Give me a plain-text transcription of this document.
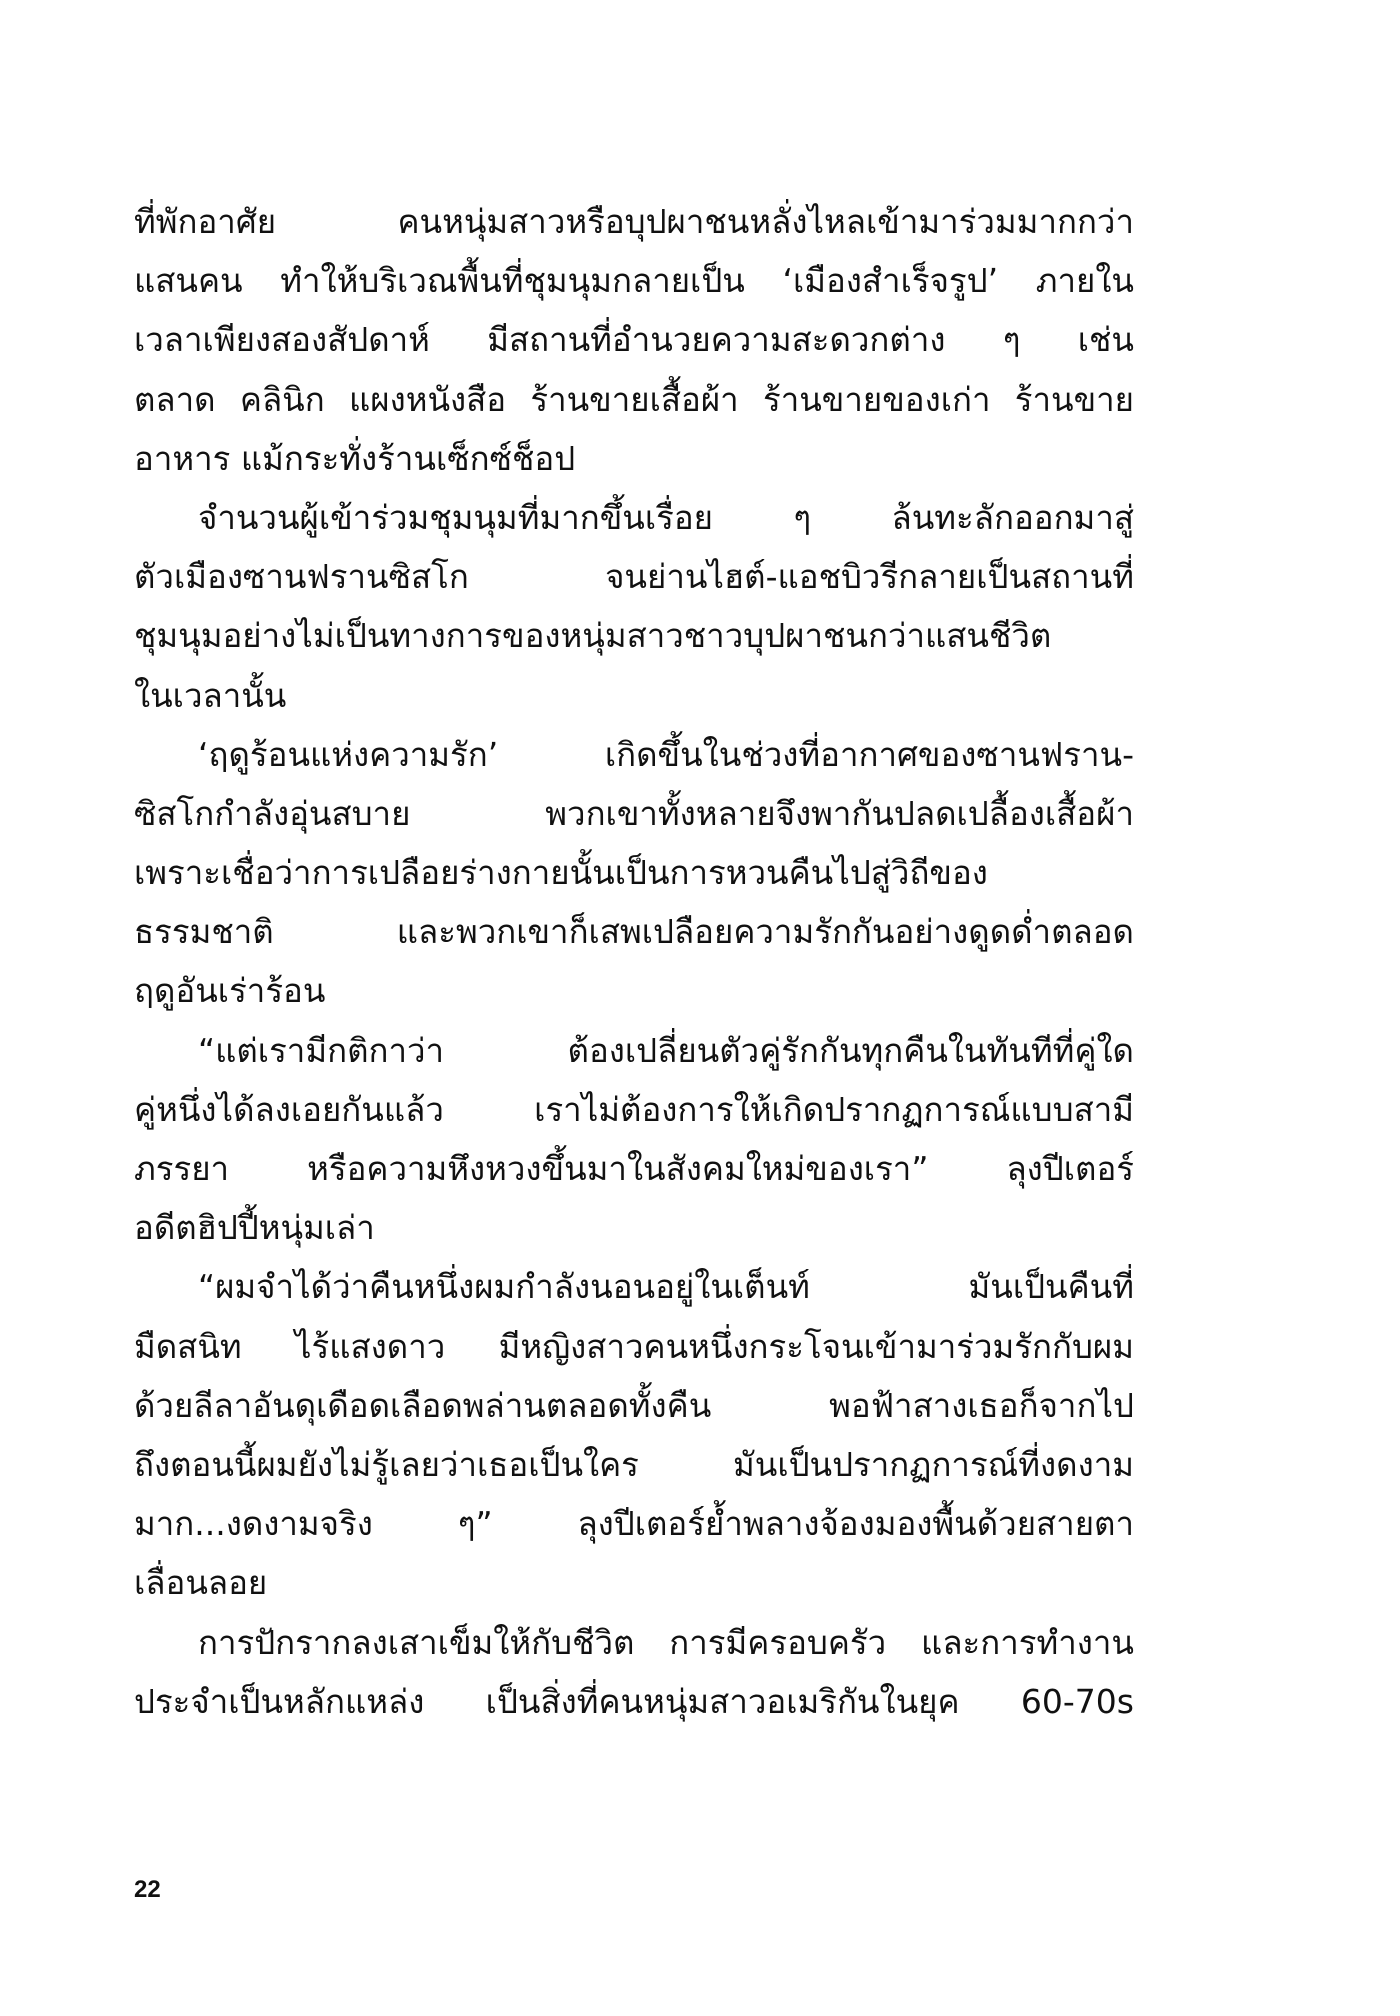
ที่พักอาศัย คนหนุ่มสาวหรือบุปผาชนหลั่งไหลเข้ามาร่วมมากกว่า
แสนคน ทำให้บริเวณพื้นที่ชุมนุมกลายเป็น ‘เมืองสำเร็จรูป’ ภายใน
เวลาเพียงสองสัปดาห์ มีสถานที่อำนวยความสะดวกต่าง ๆ เช่น
ตลาด คลินิก แผงหนังสือ ร้านขายเสื้อผ้า ร้านขายของเก่า ร้านขาย
อาหาร แม้กระทั่งร้านเซ็กซ์ช็อป
จำนวนผู้เข้าร่วมชุมนุมที่มากขึ้นเรื่อย ๆ ล้นทะลักออกมาสู่
ตัวเมืองซานฟรานซิสโก จนย่านไฮต์-แอชบิวรีกลายเป็นสถานที่
ชุมนุมอย่างไม่เป็นทางการของหนุ่มสาวชาวบุปผาชนกว่าแสนชีวิต
ในเวลานั้น
‘ฤดูร้อนแห่งความรัก’ เกิดขึ้นในช่วงที่อากาศของซานฟราน-
ซิสโกกำลังอุ่นสบาย พวกเขาทั้งหลายจึงพากันปลดเปลื้องเสื้อผ้า
เพราะเชื่อว่าการเปลือยร่างกายนั้นเป็นการหวนคืนไปสู่วิถีของ
ธรรมชาติ และพวกเขาก็เสพเปลือยความรักกันอย่างดูดด่ำตลอด
ฤดูอันเร่าร้อน
“แต่เรามีกติกาว่า ต้องเปลี่ยนตัวคู่รักกันทุกคืนในทันทีที่คู่ใด
คู่หนึ่งได้ลงเอยกันแล้ว เราไม่ต้องการให้เกิดปรากฏการณ์แบบสามี
ภรรยา หรือความหึงหวงขึ้นมาในสังคมใหม่ของเรา” ลุงปีเตอร์
อดีตฮิปปี้หนุ่มเล่า
“ผมจำได้ว่าคืนหนึ่งผมกำลังนอนอยู่ในเต็นท์ มันเป็นคืนที่
มืดสนิท ไร้แสงดาว มีหญิงสาวคนหนึ่งกระโจนเข้ามาร่วมรักกับผม
ด้วยลีลาอันดุเดือดเลือดพล่านตลอดทั้งคืน พอฟ้าสางเธอก็จากไป
ถึงตอนนี้ผมยังไม่รู้เลยว่าเธอเป็นใคร มันเป็นปรากฏการณ์ที่งดงาม
มาก...งดงามจริง ๆ” ลุงปีเตอร์ย้ำพลางจ้องมองพื้นด้วยสายตา
เลื่อนลอย
การปักรากลงเสาเข็มให้กับชีวิต การมีครอบครัว และการทำงาน
ประจำเป็นหลักแหล่ง เป็นสิ่งที่คนหนุ่มสาวอเมริกันในยุค 60-70s
22
